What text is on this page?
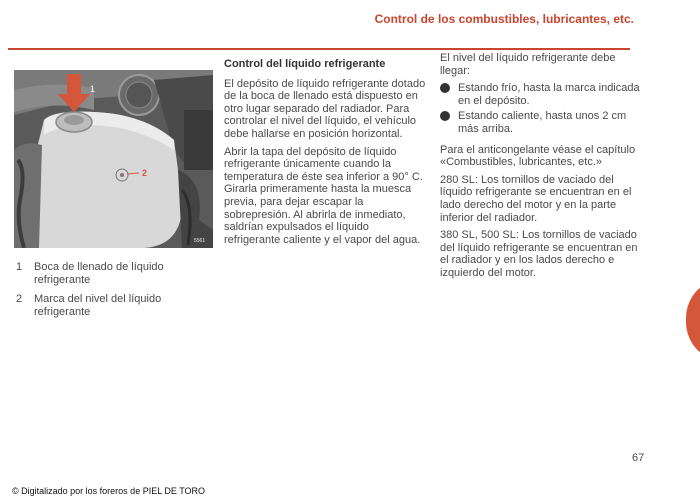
Control de los combustibles, lubricantes, etc.
1
2
5561
1	Boca de llenado de líquido refrigerante
2	Marca del nivel del líquido refrigerante
Control del líquido refrigerante

El depósito de líquido refrigerante dotado de la boca de llenado está dispuesto en otro lugar separado del radiador. Para controlar el nivel del líquido, el vehículo debe hallarse en posición horizontal.

Abrir la tapa del depósito de líquido refrigerante únicamente cuando la temperatura de éste sea inferior a 90° C. Girarla primeramente hasta la muesca previa, para dejar escapar la sobrepresión. Al abrirla de inmediato, saldrían expulsados el líquido refrigerante caliente y el vapor del agua.

El nivel del líquido refrigerante debe llegar:

Estando frío, hasta la marca indicada en el depósito.
Estando caliente, hasta unos 2 cm más arriba.

Para el anticongelante véase el capítulo «Combustibles, lubricantes, etc.»

280 SL: Los tornillos de vaciado del líquido refrigerante se encuentran en el lado derecho del motor y en la parte inferior del radiador.

380 SL, 500 SL: Los tornillos de vaciado del líquido refrigerante se encuentran en el radiador y en los lados derecho e izquierdo del motor.

67
© Digitalizado por los foreros de PIEL DE TORO
